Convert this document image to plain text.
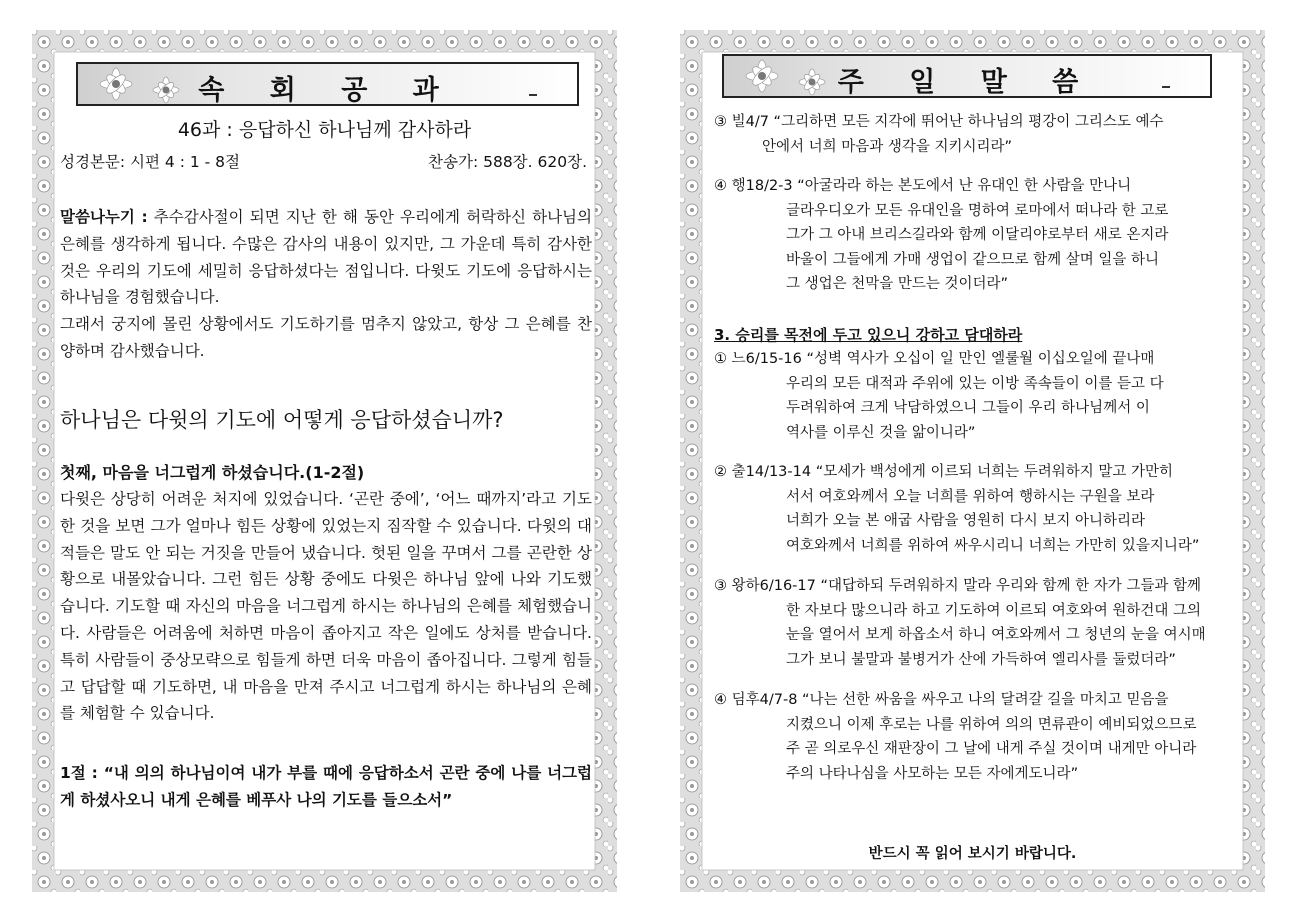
속 회 공 과
46과 : 응답하신 하나님께 감사하라
성경본문: 시편 4 : 1 - 8절	찬송가: 588장. 620장.
말씀나누기 : 추수감사절이 되면 지난 한 해 동안 우리에게 허락하신 하나님의 은혜를 생각하게 됩니다. 수많은 감사의 내용이 있지만, 그 가운데 특히 감사한 것은 우리의 기도에 세밀히 응답하셨다는 점입니다. 다윗도 기도에 응답하시는 하나님을 경험했습니다.
그래서 궁지에 몰린 상황에서도 기도하기를 멈추지 않았고, 항상 그 은혜를 찬양하며 감사했습니다.
하나님은 다윗의 기도에 어떻게 응답하셨습니까?
첫째, 마음을 너그럽게 하셨습니다.(1-2절)
다윗은 상당히 어려운 처지에 있었습니다. ‘곤란 중에’, ‘어느 때까지’라고 기도한 것을 보면 그가 얼마나 힘든 상황에 있었는지 짐작할 수 있습니다. 다윗의 대적들은 말도 안 되는 거짓을 만들어 냈습니다. 헛된 일을 꾸며서 그를 곤란한 상황으로 내몰았습니다. 그런 힘든 상황 중에도 다윗은 하나님 앞에 나와 기도했습니다. 기도할 때 자신의 마음을 너그럽게 하시는 하나님의 은혜를 체험했습니다. 사람들은 어려움에 처하면 마음이 좁아지고 작은 일에도 상처를 받습니다. 특히 사람들이 중상모략으로 힘들게 하면 더욱 마음이 좁아집니다. 그렇게 힘들고 답답할 때 기도하면, 내 마음을 만져 주시고 너그럽게 하시는 하나님의 은혜를 체험할 수 있습니다.
1절 : “내 의의 하나님이여 내가 부를 때에 응답하소서 곤란 중에 나를 너그럽게 하셨사오니 내게 은혜를 베푸사 나의 기도를 들으소서”
주 일 말 씀
③ 빌4/7 “그리하면 모든 지각에 뛰어난 하나님의 평강이 그리스도 예수
안에서 너희 마음과 생각을 지키시리라”
④ 행18/2-3 “아굴라라 하는 본도에서 난 유대인 한 사람을 만나니
글라우디오가 모든 유대인을 명하여 로마에서 떠나라 한 고로
그가 그 아내 브리스길라와 함께 이달리야로부터 새로 온지라
바울이 그들에게 가매 생업이 같으므로 함께 살며 일을 하니
그 생업은 천막을 만드는 것이더라”
3. 승리를 목전에 두고 있으니 강하고 담대하라
① 느6/15-16 “성벽 역사가 오십이 일 만인 엘룰월 이십오일에 끝나매
우리의 모든 대적과 주위에 있는 이방 족속들이 이를 듣고 다
두려워하여 크게 낙담하였으니 그들이 우리 하나님께서 이
역사를 이루신 것을 앎이니라”
② 출14/13-14 “모세가 백성에게 이르되 너희는 두려워하지 말고 가만히
서서 여호와께서 오늘 너희를 위하여 행하시는 구원을 보라
너희가 오늘 본 애굽 사람을 영원히 다시 보지 아니하리라
여호와께서 너희를 위하여 싸우시리니 너희는 가만히 있을지니라”
③ 왕하6/16-17 “대답하되 두려워하지 말라 우리와 함께 한 자가 그들과 함께
한 자보다 많으니라 하고 기도하여 이르되 여호와여 원하건대 그의
눈을 열어서 보게 하옵소서 하니 여호와께서 그 청년의 눈을 여시매
그가 보니 불말과 불병거가 산에 가득하여 엘리사를 둘렀더라”
④ 딤후4/7-8 “나는 선한 싸움을 싸우고 나의 달려갈 길을 마치고 믿음을
지켰으니 이제 후로는 나를 위하여 의의 면류관이 예비되었으므로
주 곧 의로우신 재판장이 그 날에 내게 주실 것이며 내게만 아니라
주의 나타나심을 사모하는 모든 자에게도니라”
반드시 꼭 읽어 보시기 바랍니다.
